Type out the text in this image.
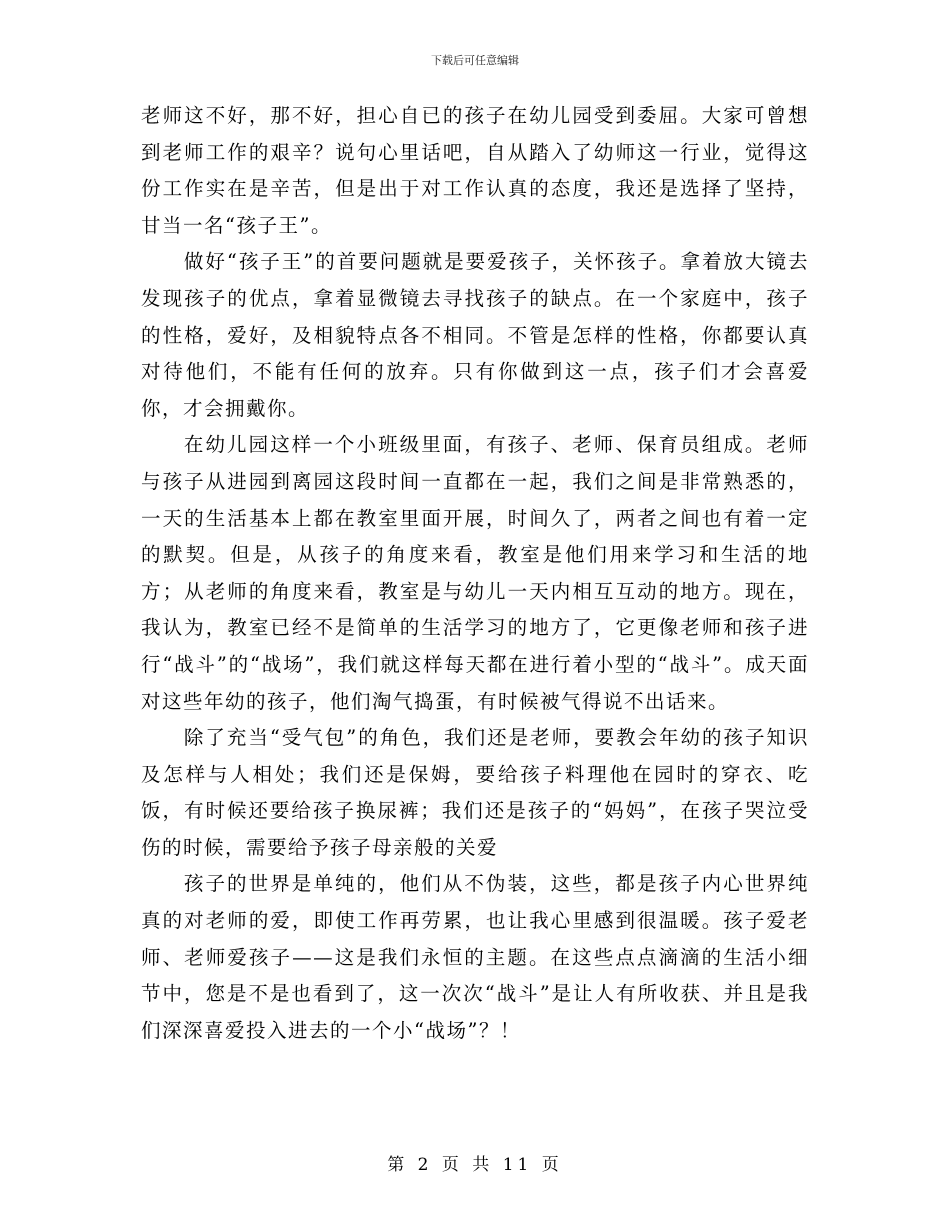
下载后可任意编辑

老师这不好，那不好，担心自已的孩子在幼儿园受到委屈。大家可曾想到老师工作的艰辛？说句心里话吧，自从踏入了幼师这一行业，觉得这份工作实在是辛苦，但是出于对工作认真的态度，我还是选择了坚持，甘当一名“孩子王”。

做好“孩子王”的首要问题就是要爱孩子，关怀孩子。拿着放大镜去发现孩子的优点，拿着显微镜去寻找孩子的缺点。在一个家庭中，孩子的性格，爱好，及相貌特点各不相同。不管是怎样的性格，你都要认真对待他们，不能有任何的放弃。只有你做到这一点，孩子们才会喜爱你，才会拥戴你。

在幼儿园这样一个小班级里面，有孩子、老师、保育员组成。老师与孩子从进园到离园这段时间一直都在一起，我们之间是非常熟悉的，一天的生活基本上都在教室里面开展，时间久了，两者之间也有着一定的默契。但是，从孩子的角度来看，教室是他们用来学习和生活的地方；从老师的角度来看，教室是与幼儿一天内相互互动的地方。现在，我认为，教室已经不是简单的生活学习的地方了，它更像老师和孩子进行“战斗”的“战场”，我们就这样每天都在进行着小型的“战斗”。成天面对这些年幼的孩子，他们淘气捣蛋，有时候被气得说不出话来。

除了充当“受气包”的角色，我们还是老师，要教会年幼的孩子知识及怎样与人相处；我们还是保姆，要给孩子料理他在园时的穿衣、吃饭，有时候还要给孩子换尿裤；我们还是孩子的“妈妈”，在孩子哭泣受伤的时候，需要给予孩子母亲般的关爱

孩子的世界是单纯的，他们从不伪装，这些，都是孩子内心世界纯真的对老师的爱，即使工作再劳累，也让我心里感到很温暖。孩子爱老师、老师爱孩子——这是我们永恒的主题。在这些点点滴滴的生活小细节中，您是不是也看到了，这一次次“战斗”是让人有所收获、并且是我们深深喜爱投入进去的一个小“战场”？！

第 2 页 共 11 页
